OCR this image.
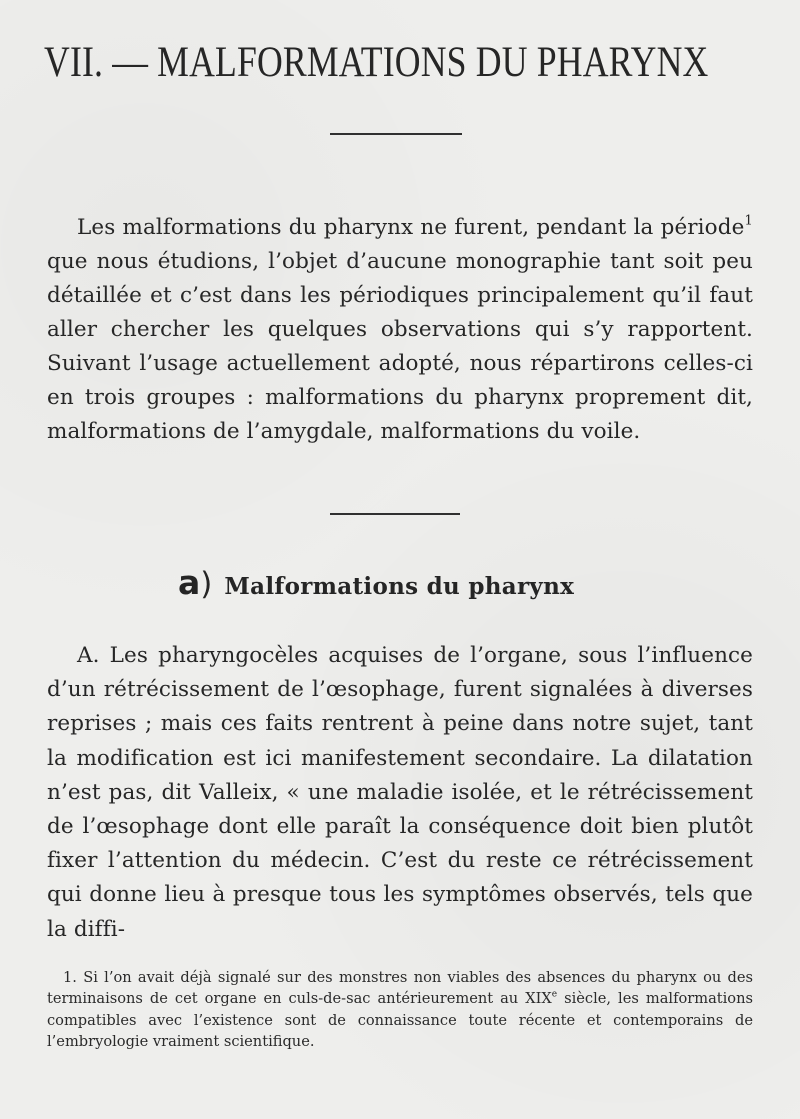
VII. — MALFORMATIONS DU PHARYNX

Les malformations du pharynx ne furent, pendant la période$^1$ que nous étudions, l’objet d’aucune monographie tant soit peu détaillée et c’est dans les périodiques principalement qu’il faut aller chercher les quelques observations qui s’y rapportent. Suivant l’usage actuellement adopté, nous répartirons celles-ci en trois groupes : malformations du pharynx proprement dit, malformations de l’amygdale, malformations du voile.

a) Malformations du pharynx

A. Les pharyngocèles acquises de l’organe, sous l’influence d’un rétrécissement de l’œsophage, furent signalées à diverses reprises ; mais ces faits rentrent à peine dans notre sujet, tant la modification est ici manifestement secondaire. La dilatation n’est pas, dit Valleix, « une maladie isolée, et le rétrécissement de l’œsophage dont elle paraît la conséquence doit bien plutôt fixer l’attention du médecin. C’est du reste ce rétrécissement qui donne lieu à presque tous les symptômes observés, tels que la diffi-

1. Si l’on avait déjà signalé sur des monstres non viables des absences du pharynx ou des terminaisons de cet organe en culs-de-sac antérieurement au XIXe siècle, les malformations compatibles avec l’existence sont de connaissance toute récente et contemporains de l’embryologie vraiment scientifique.
